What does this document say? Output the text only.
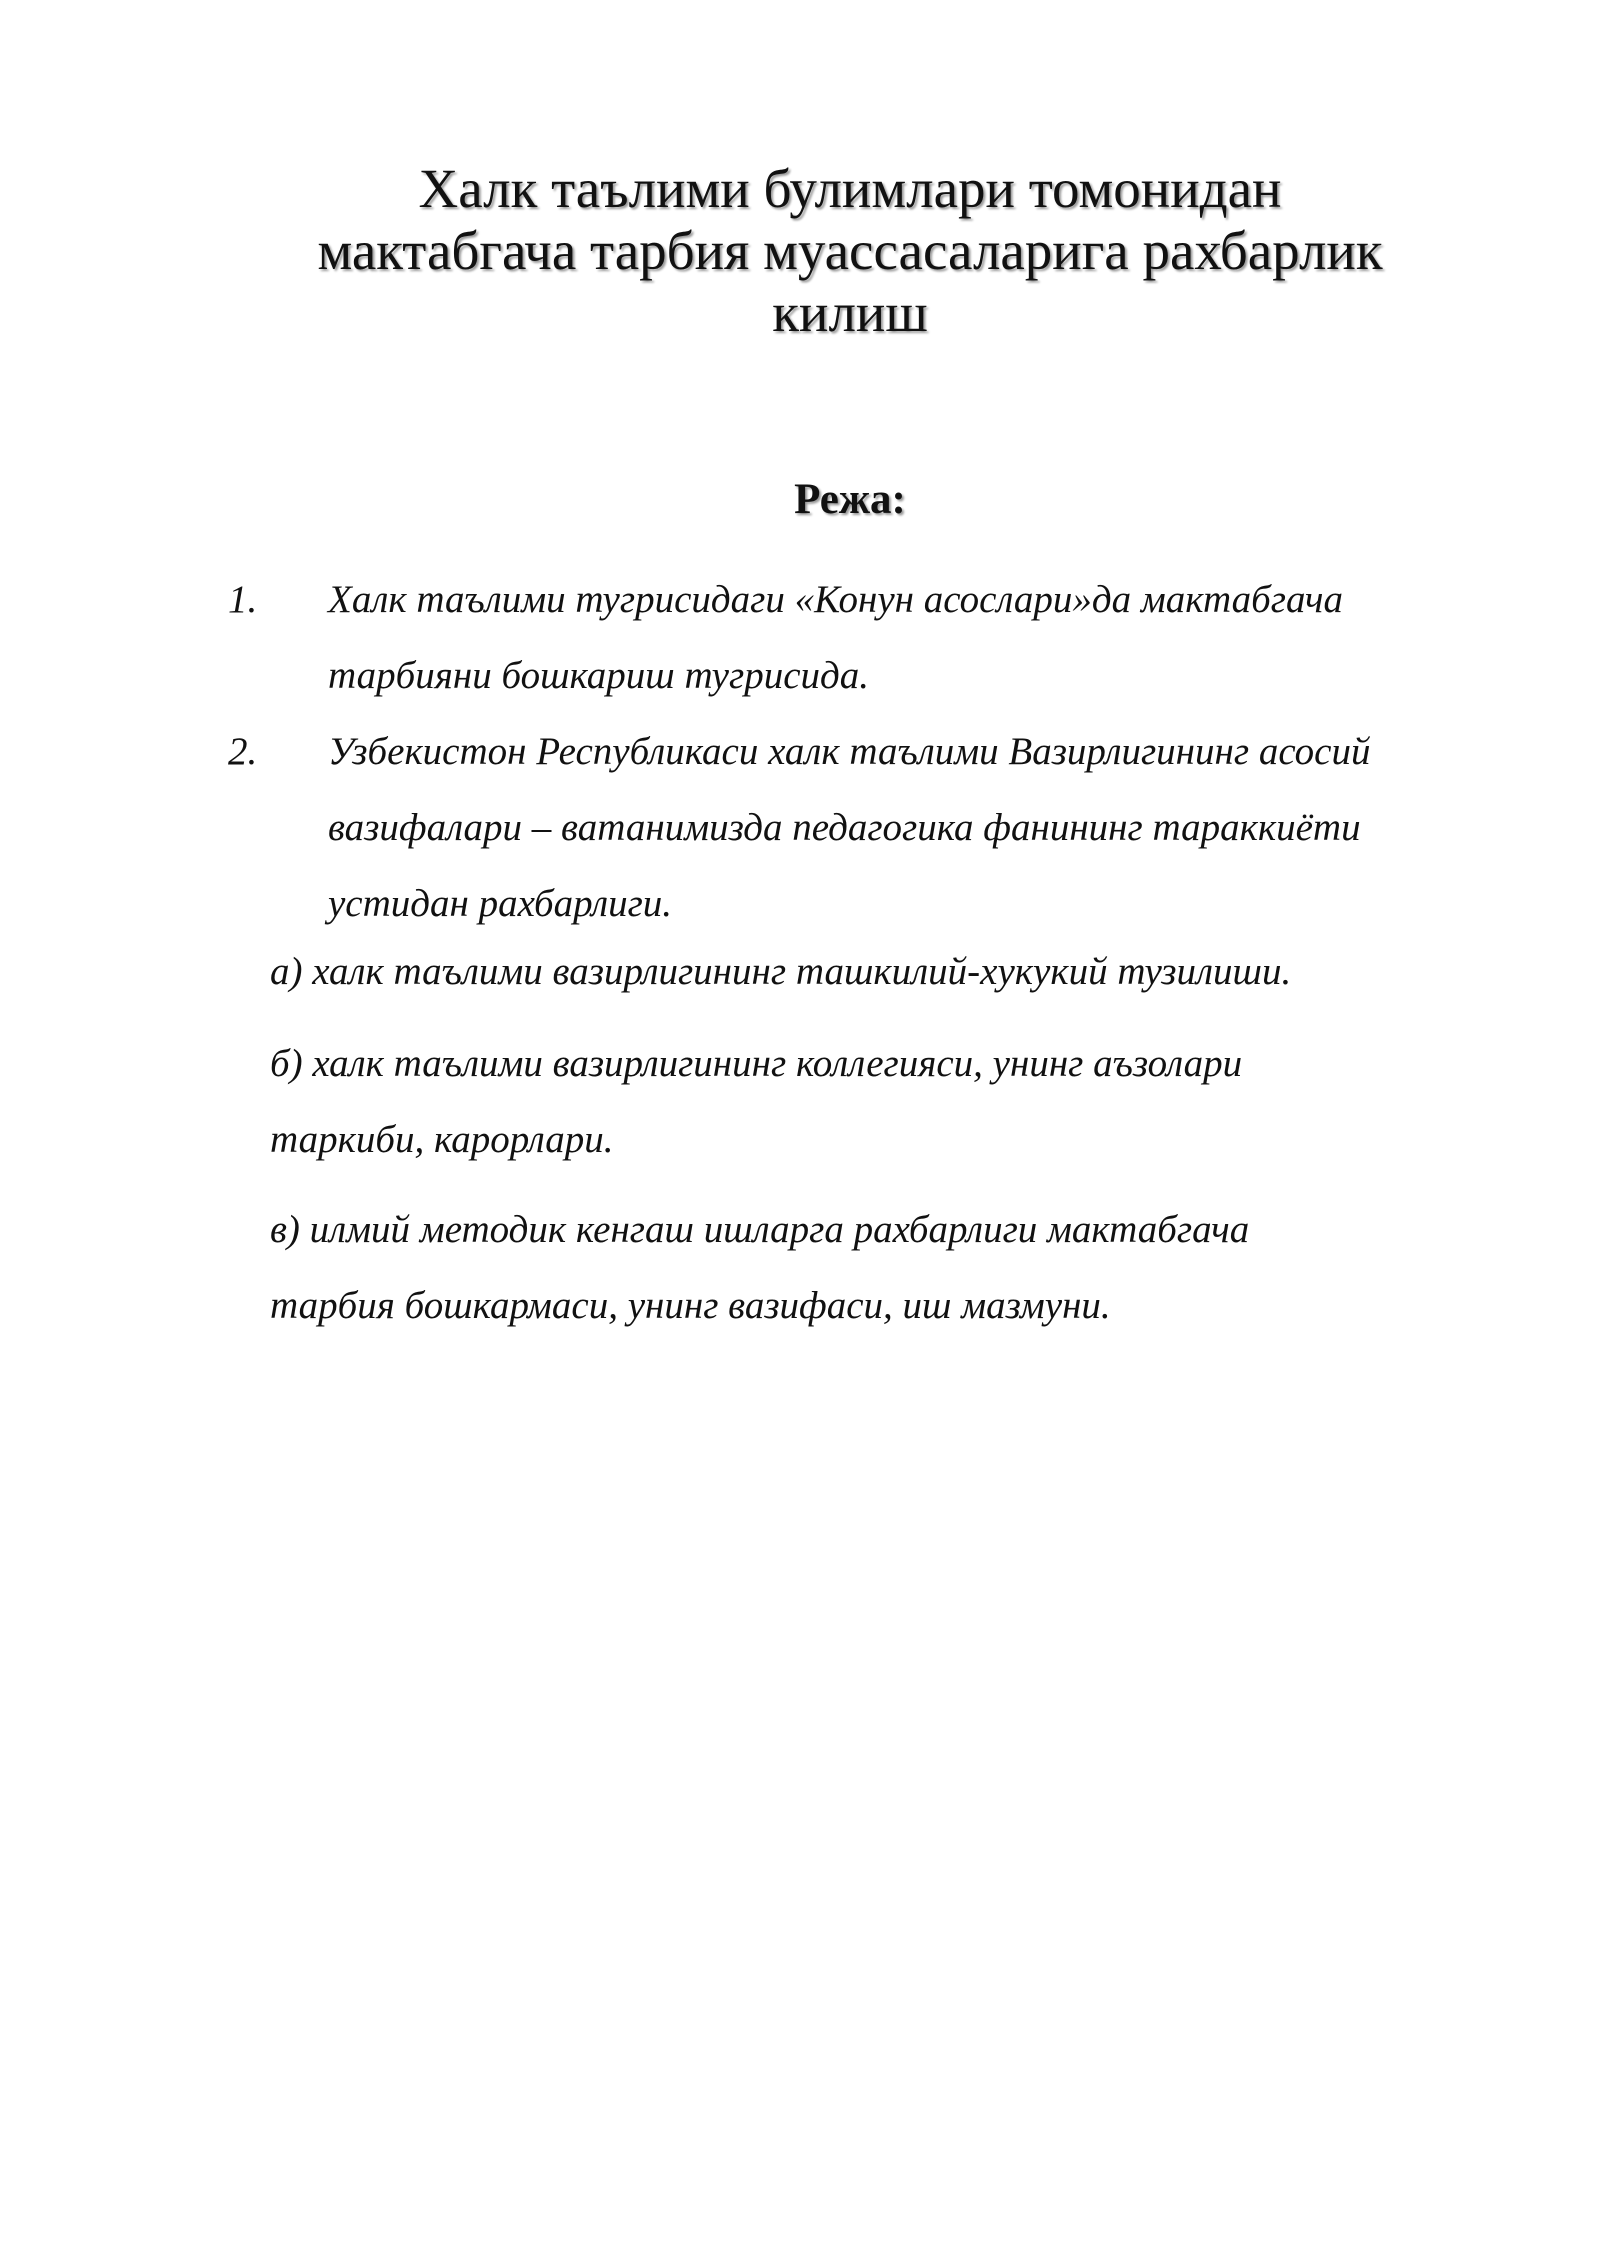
Халк таълими булимлари томонидан
мактабгача тарбия муассасаларига рахбарлик
килиш
Режа:
1. Халк таълими тугрисидаги «Конун асослари»да мактабгача
тарбияни бошкариш тугрисида.
2. Узбекистон Республикаси халк таълими Вазирлигининг асосий
вазифалари – ватанимизда педагогика фанининг тараккиёти
устидан рахбарлиги.
а) халк таълими вазирлигининг ташкилий-хукукий тузилиши.
б) халк таълими вазирлигининг коллегияси, унинг аъзолари
таркиби, карорлари.
в) илмий методик кенгаш ишларга рахбарлиги мактабгача
тарбия бошкармаси, унинг вазифаси, иш мазмуни.
